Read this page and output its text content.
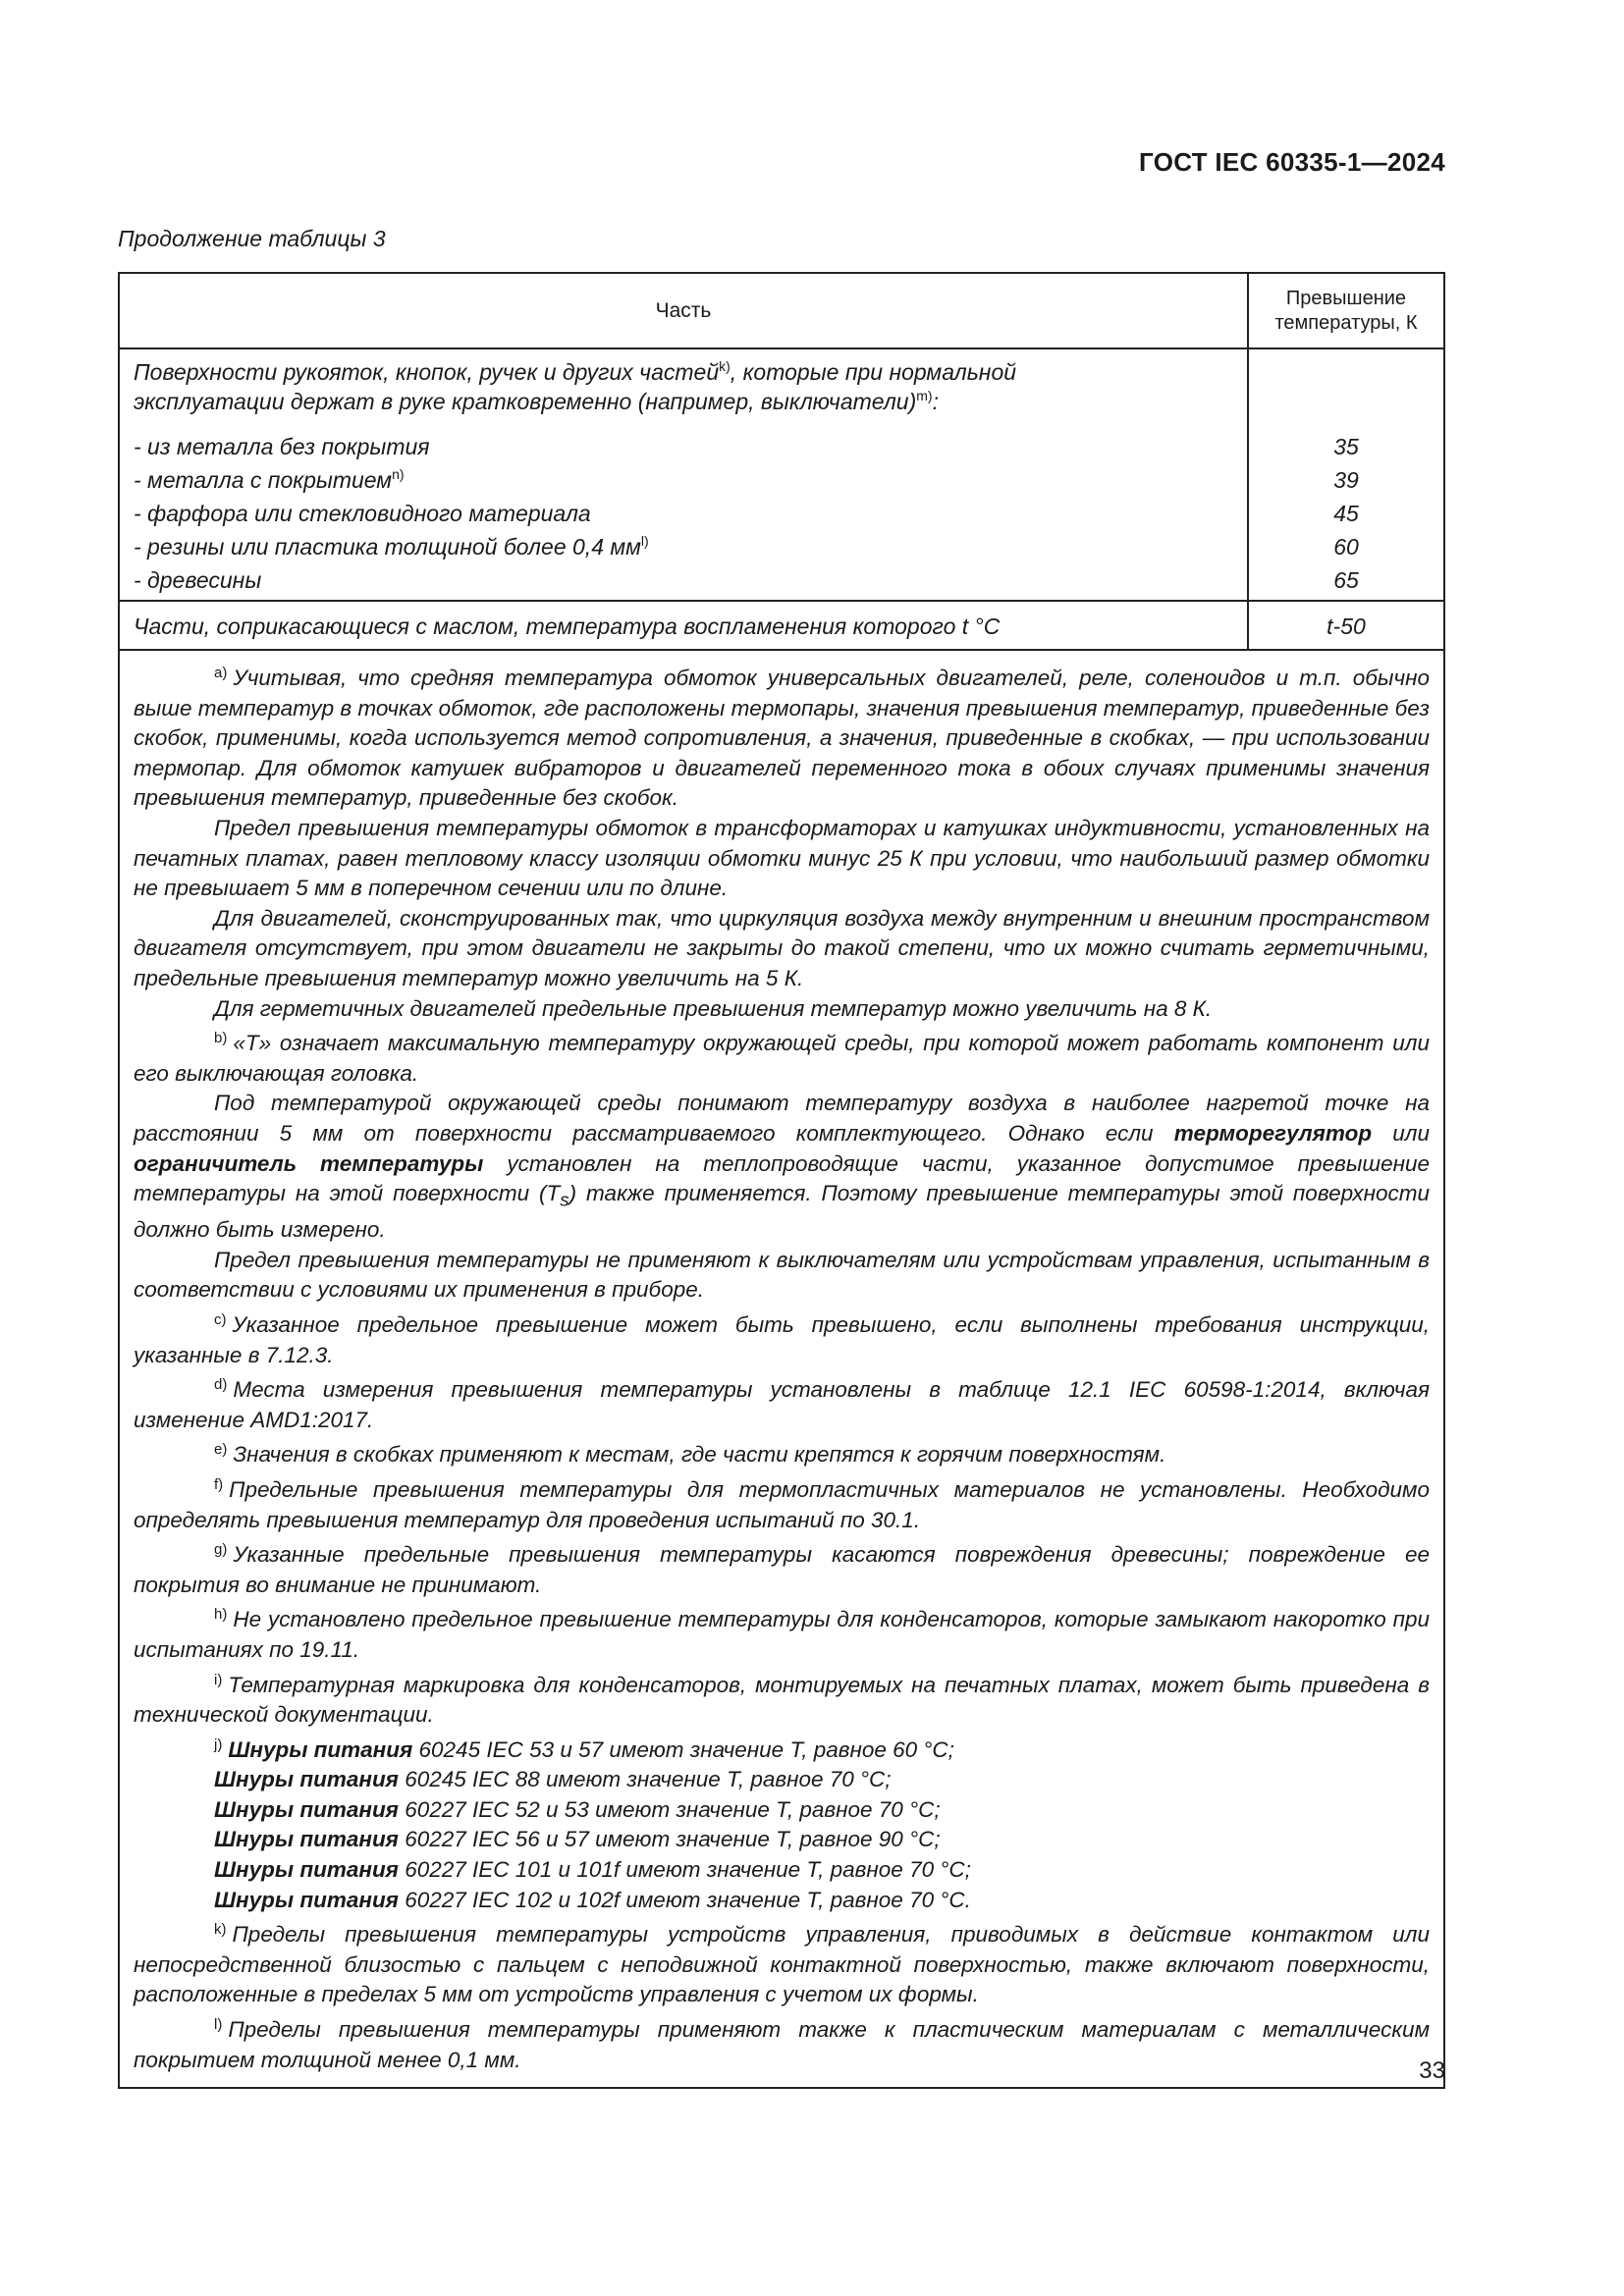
ГОСТ IEC 60335-1—2024
Продолжение таблицы 3
Часть
Превышение
температуры, К
Поверхности рукояток, кнопок, ручек и других частей$^{k)}$, которые при нормальной
эксплуатации держат в руке кратковременно (например, выключатели)$^{m)}$:
- из металла без покрытия
- металла с покрытием$^{n)}$
- фарфора или стекловидного материала
- резины или пластика толщиной более 0,4 $мм^{l)}$
- древесины
35
39
45
60
65
Части, соприкасающиеся с маслом, температура воспламенения которого t °C	t-50

a) Учитывая, что средняя температура обмоток универсальных двигателей, реле, соленоидов и т.п. обычно выше температур в точках обмоток, где расположены термопары, значения превышения температур, приведенные без скобок, применимы, когда используется метод сопротивления, а значения, приведенные в скобках, — при использовании термопар. Для обмоток катушек вибраторов и двигателей переменного тока в обоих случаях применимы значения превышения температур, приведенные без скобок.

Предел превышения температуры обмоток в трансформаторах и катушках индуктивности, установленных на печатных платах, равен тепловому классу изоляции обмотки минус 25 К при условии, что наибольший размер обмотки не превышает 5 мм в поперечном сечении или по длине.

Для двигателей, сконструированных так, что циркуляция воздуха между внутренним и внешним пространством двигателя отсутствует, при этом двигатели не закрыты до такой степени, что их можно считать герметичными, предельные превышения температур можно увеличить на 5 К.

Для герметичных двигателей предельные превышения температур можно увеличить на 8 К.

b) «Т» означает максимальную температуру окружающей среды, при которой может работать компонент или его выключающая головка.

Под температурой окружающей среды понимают температуру воздуха в наиболее нагретой точке на расстоянии 5 мм от поверхности рассматриваемого комплектующего. Однако если терморегулятор или ограничитель температуры установлен на теплопроводящие части, указанное допустимое превышение температуры на этой поверхности $(T_s)$ также применяется. Поэтому превышение температуры этой поверхности должно быть измерено.

Предел превышения температуры не применяют к выключателям или устройствам управления, испытанным в соответствии с условиями их применения в приборе.

c) Указанное предельное превышение может быть превышено, если выполнены требования инструкции, указанные в 7.12.3.

d) Места измерения превышения температуры установлены в таблице 12.1 IEC 60598-1:2014, включая изменение AMD1:2017.

e) Значения в скобках применяют к местам, где части крепятся к горячим поверхностям.

f) Предельные превышения температуры для термопластичных материалов не установлены. Необходимо определять превышения температур для проведения испытаний по 30.1.

g) Указанные предельные превышения температуры касаются повреждения древесины; повреждение ее покрытия во внимание не принимают.

h) Не установлено предельное превышение температуры для конденсаторов, которые замыкают накоротко при испытаниях по 19.11.

i) Температурная маркировка для конденсаторов, монтируемых на печатных платах, может быть приведена в технической документации.

j) Шнуры питания 60245 IEC 53 и 57 имеют значение Т, равное 60 °C;

Шнуры питания 60245 IEC 88 имеют значение Т, равное 70 °C;

Шнуры питания 60227 IEC 52 и 53 имеют значение Т, равное 70 °C;

Шнуры питания 60227 IEC 56 и 57 имеют значение Т, равное 90 °C;

Шнуры питания 60227 IEC 101 и 101f имеют значение Т, равное 70 °C;

Шнуры питания 60227 IEC 102 и 102f имеют значение Т, равное 70 °C.

k) Пределы превышения температуры устройств управления, приводимых в действие контактом или непосредственной близостью с пальцем с неподвижной контактной поверхностью, также включают поверхности, расположенные в пределах 5 мм от устройств управления с учетом их формы.

l) Пределы превышения температуры применяют также к пластическим материалам с металлическим покрытием толщиной менее 0,1 мм.	33
